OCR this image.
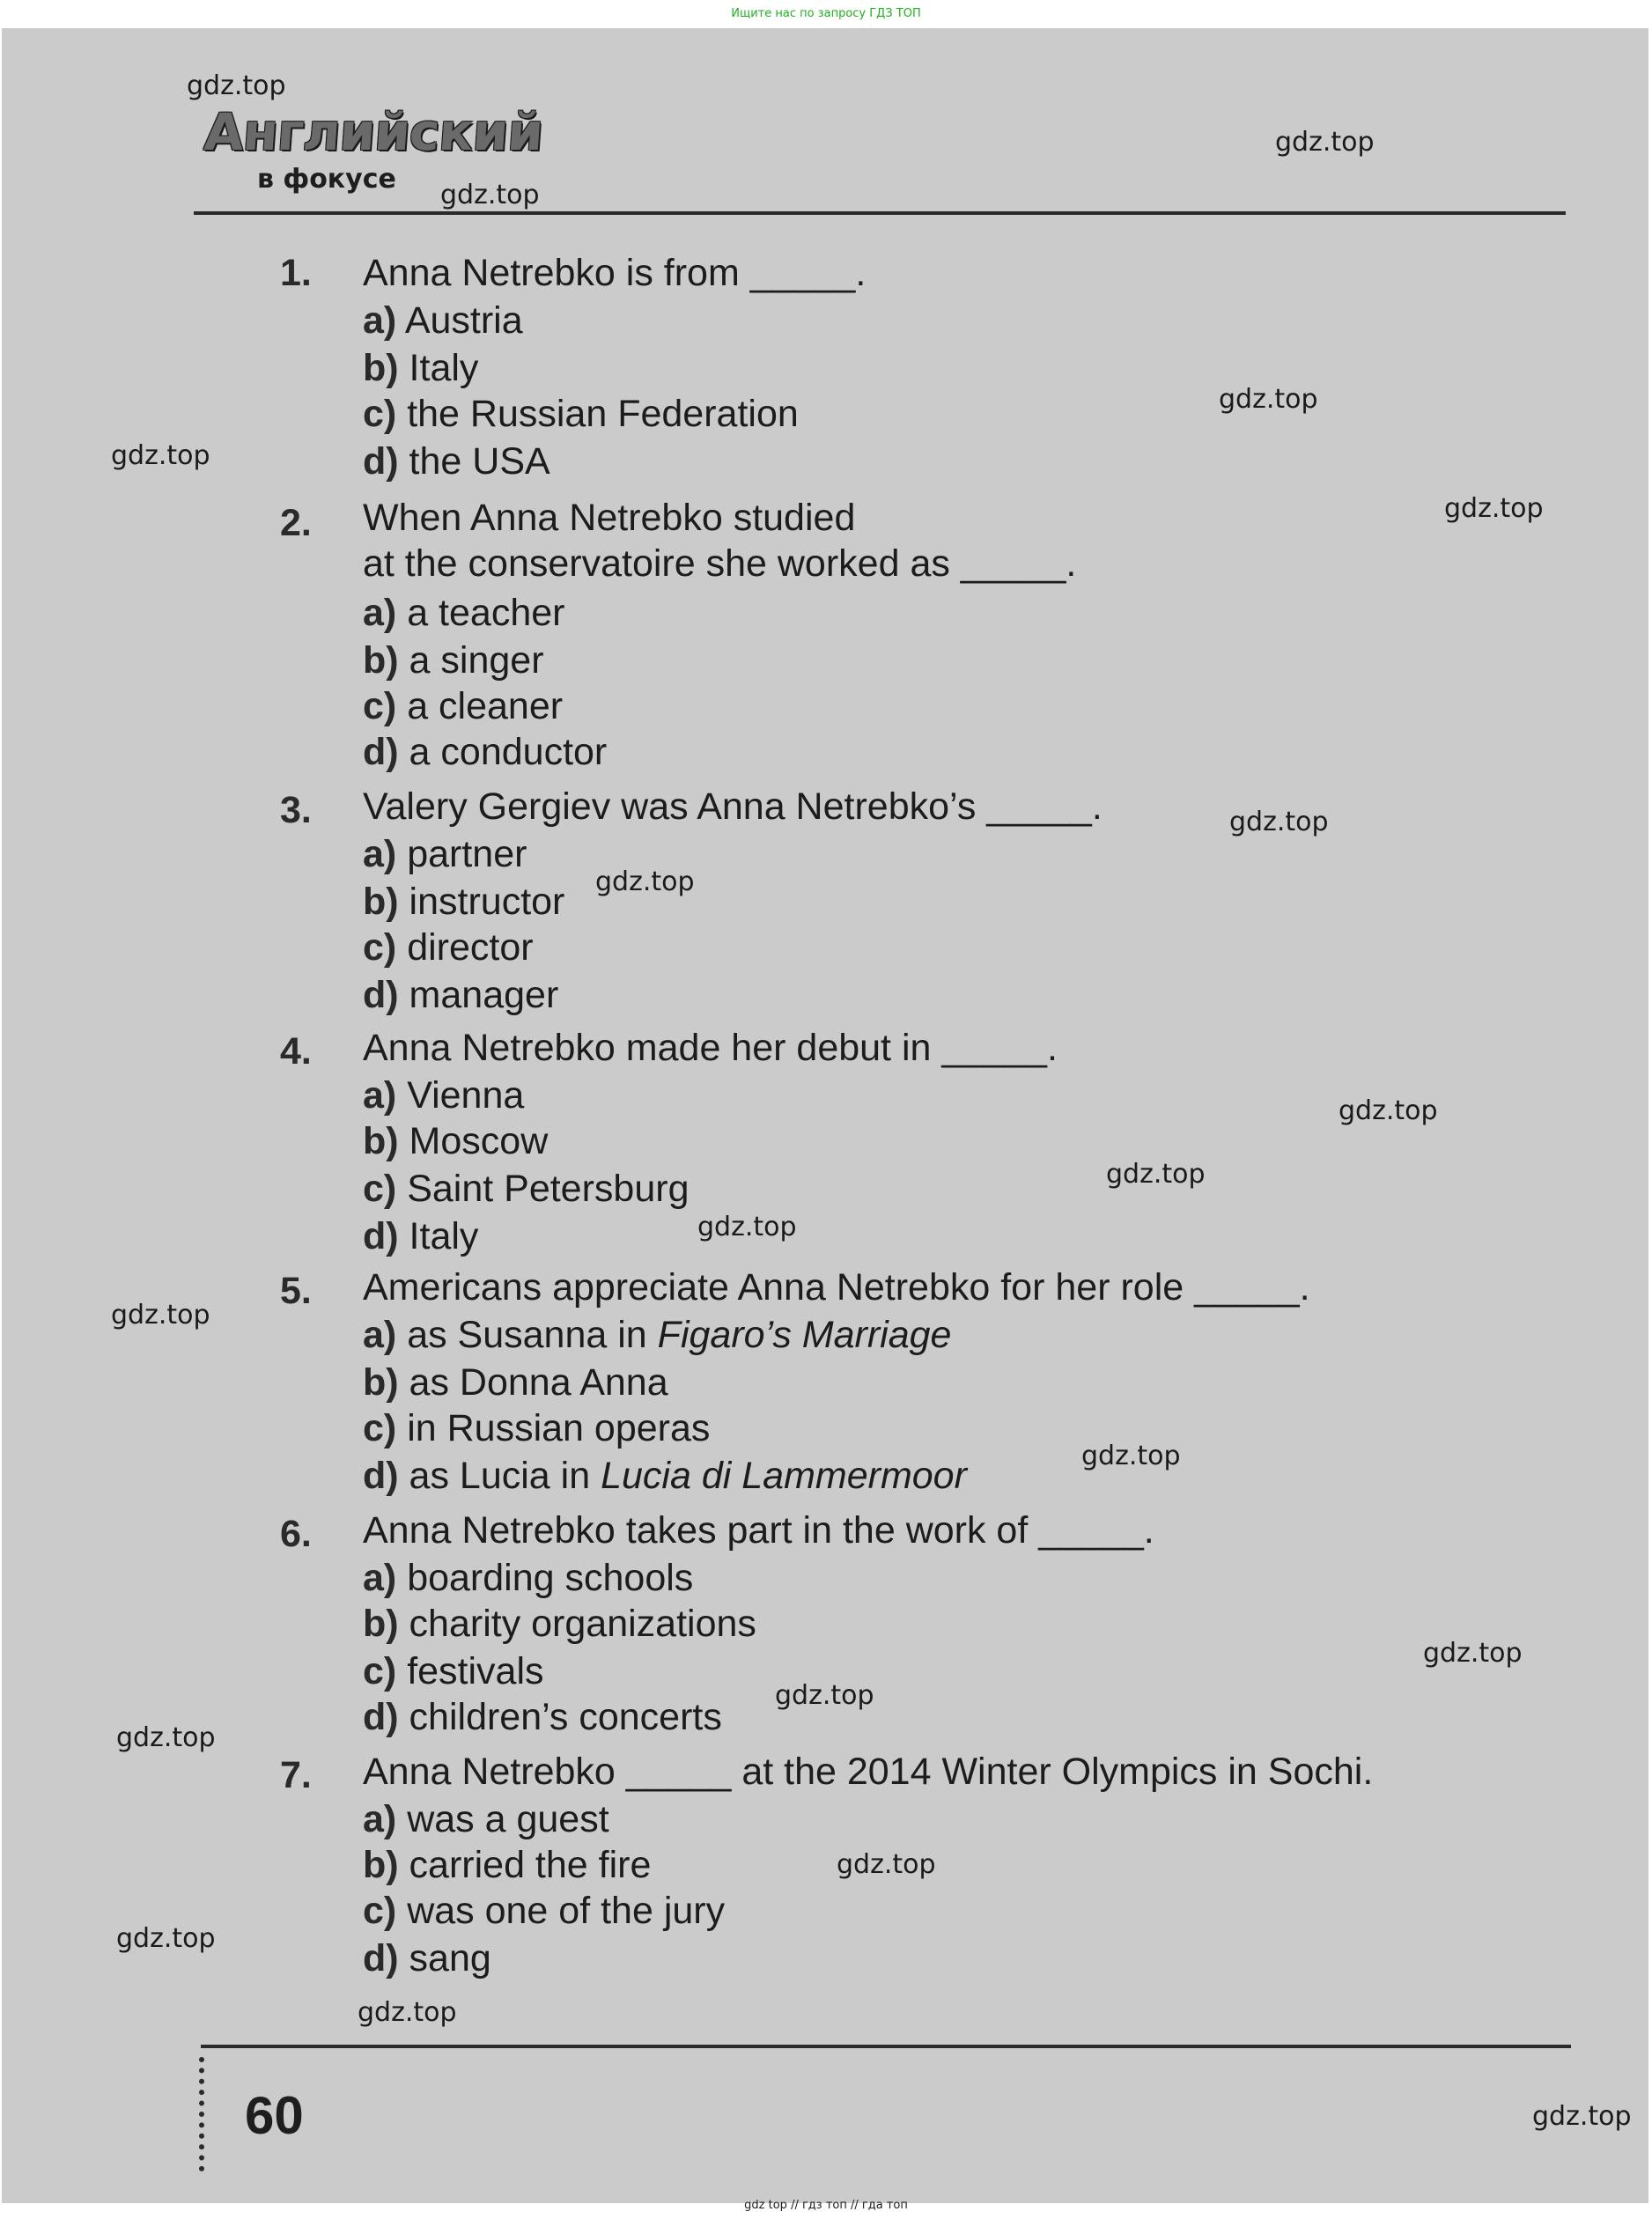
Ищите нас по запросу ГДЗ ТОП
Английский
в фокусе
1.	Anna Netrebko is from _____.
a) Austria
b) Italy
c) the Russian Federation
d) the USA
2.	When Anna Netrebko studied
at the conservatoire she worked as _____.
a) a teacher
b) a singer
c) a cleaner
d) a conductor
3.	Valery Gergiev was Anna Netrebko’s _____.
a) partner
b) instructor
c) director
d) manager
4.	Anna Netrebko made her debut in _____.
a) Vienna
b) Moscow
c) Saint Petersburg
d) Italy
5.	Americans appreciate Anna Netrebko for her role _____.
a) as Susanna in Figaro’s Marriage
b) as Donna Anna
c) in Russian operas
d) as Lucia in Lucia di Lammermoor
6.	Anna Netrebko takes part in the work of _____.
a) boarding schools
b) charity organizations
c) festivals
d) children’s concerts
7.	Anna Netrebko _____ at the 2014 Winter Olympics in Sochi.
a) was a guest
b) carried the fire
c) was one of the jury
d) sang
60
gdz.top
gdz.top
gdz.top
gdz.top
gdz.top
gdz.top
gdz.top
gdz.top
gdz.top
gdz.top
gdz.top
gdz.top
gdz.top
gdz.top
gdz.top
gdz.top
gdz.top
gdz.top
gdz.top
gdz.top
gdz top // гдз топ // гда топ
